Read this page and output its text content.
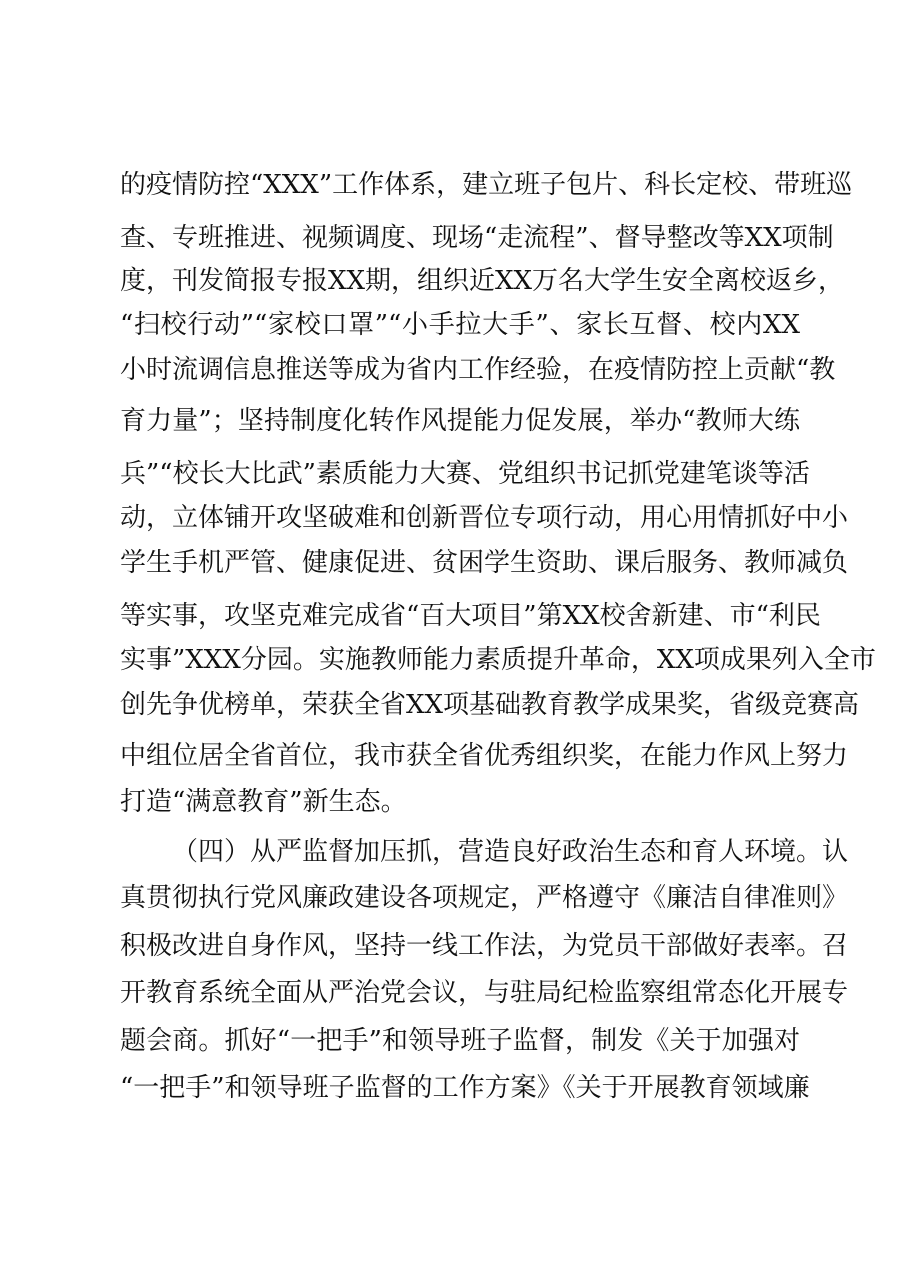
的疫情防控“XXX”工作体系，建立班子包片、科长定校、带班巡
查、专班推进、视频调度、现场“走流程”、督导整改等XX项制
度，刊发简报专报XX期，组织近XX万名大学生安全离校返乡，
“扫校行动”“家校口罩”“小手拉大手”、家长互督、校内XX
小时流调信息推送等成为省内工作经验，在疫情防控上贡献“教
育力量”；坚持制度化转作风提能力促发展，举办“教师大练
兵”“校长大比武”素质能力大赛、党组织书记抓党建笔谈等活
动，立体铺开攻坚破难和创新晋位专项行动，用心用情抓好中小
学生手机严管、健康促进、贫困学生资助、课后服务、教师减负
等实事，攻坚克难完成省“百大项目”第XX校舍新建、市“利民
实事”XXX分园。实施教师能力素质提升革命，XX项成果列入全市
创先争优榜单，荣获全省XX项基础教育教学成果奖，省级竞赛高
中组位居全省首位，我市获全省优秀组织奖，在能力作风上努力
打造“满意教育”新生态。
（四）从严监督加压抓，营造良好政治生态和育人环境。认
真贯彻执行党风廉政建设各项规定，严格遵守《廉洁自律准则》
积极改进自身作风，坚持一线工作法，为党员干部做好表率。召
开教育系统全面从严治党会议，与驻局纪检监察组常态化开展专
题会商。抓好“一把手”和领导班子监督，制发《关于加强对
“一把手”和领导班子监督的工作方案》《关于开展教育领域廉
